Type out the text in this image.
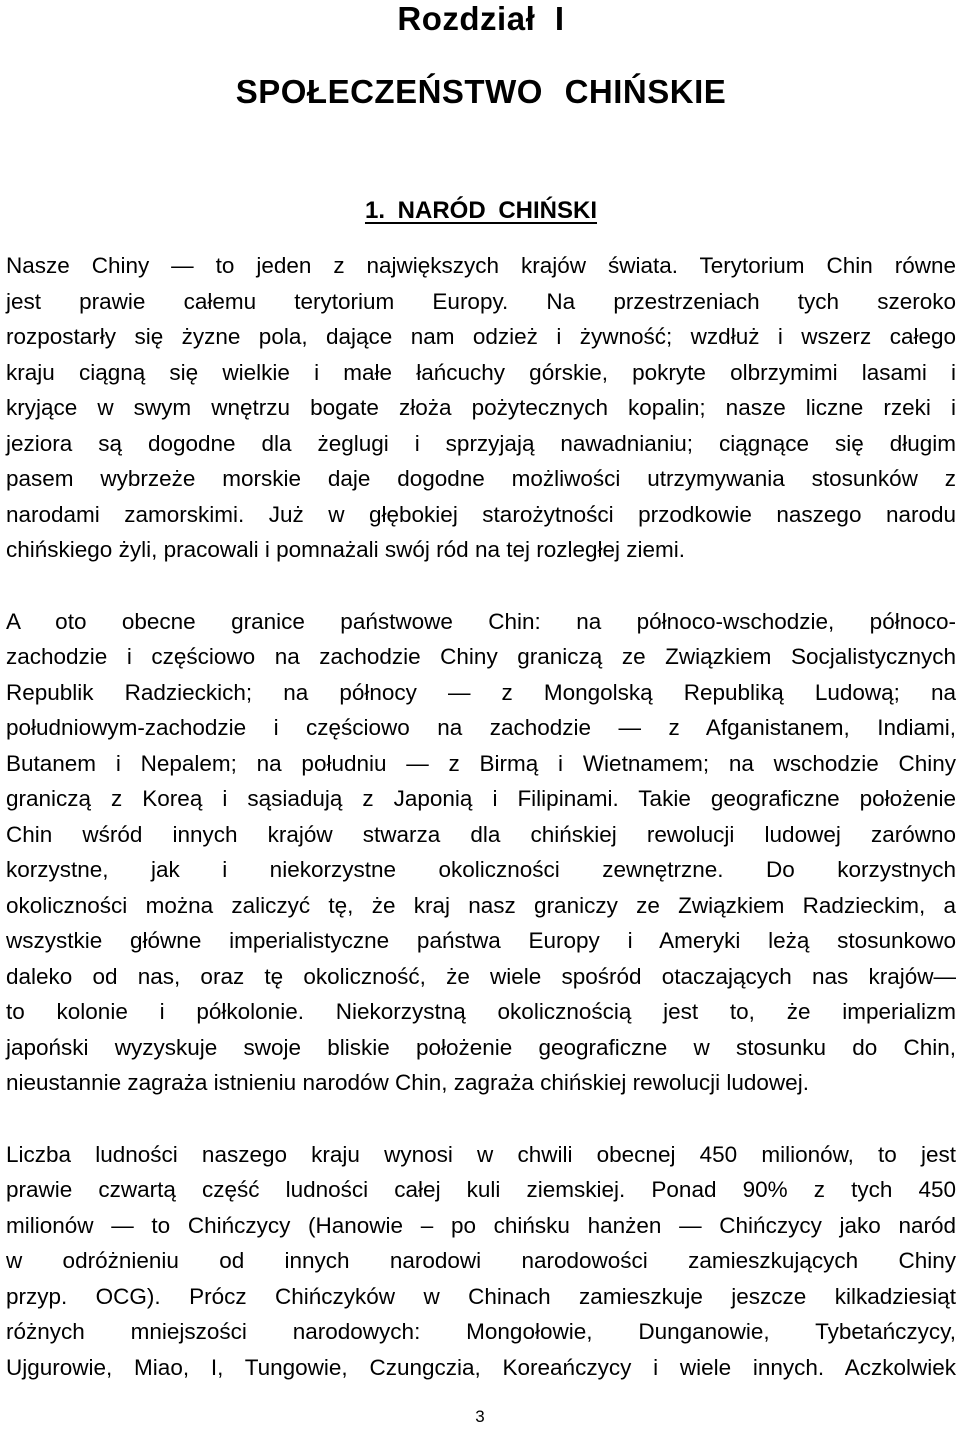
Rozdział I
SPOŁECZEŃSTWO CHIŃSKIE
1. NARÓD CHIŃSKI

Nasze Chiny — to jeden z największych krajów świata. Terytorium Chin równe
jest prawie całemu terytorium Europy. Na przestrzeniach tych szeroko
rozpostarły się żyzne pola, dające nam odzież i żywność; wzdłuż i wszerz całego
kraju ciągną się wielkie i małe łańcuchy górskie, pokryte olbrzymimi lasami i
kryjące w swym wnętrzu bogate złoża pożytecznych kopalin; nasze liczne rzeki i
jeziora są dogodne dla żeglugi i sprzyjają nawadnianiu; ciągnące się długim
pasem wybrzeże morskie daje dogodne możliwości utrzymywania stosunków z
narodami zamorskimi. Już w głębokiej starożytności przodkowie naszego narodu
chińskiego żyli, pracowali i pomnażali swój ród na tej rozległej ziemi.

A oto obecne granice państwowe Chin: na północo-wschodzie, północo-
zachodzie i częściowo na zachodzie Chiny graniczą ze Związkiem Socjalistycznych
Republik Radzieckich; na północy — z Mongolską Republiką Ludową; na
południowym-zachodzie i częściowo na zachodzie — z Afganistanem, Indiami,
Butanem i Nepalem; na południu — z Birmą i Wietnamem; na wschodzie Chiny
graniczą z Koreą i sąsiadują z Japonią i Filipinami. Takie geograficzne położenie
Chin wśród innych krajów stwarza dla chińskiej rewolucji ludowej zarówno
korzystne, jak i niekorzystne okoliczności zewnętrzne. Do korzystnych
okoliczności można zaliczyć tę, że kraj nasz graniczy ze Związkiem Radzieckim, a
wszystkie główne imperialistyczne państwa Europy i Ameryki leżą stosunkowo
daleko od nas, oraz tę okoliczność, że wiele spośród otaczających nas krajów—
to kolonie i półkolonie. Niekorzystną okolicznością jest to, że imperializm
japoński wyzyskuje swoje bliskie położenie geograficzne w stosunku do Chin,
nieustannie zagraża istnieniu narodów Chin, zagraża chińskiej rewolucji ludowej.

Liczba ludności naszego kraju wynosi w chwili obecnej 450 milionów, to jest
prawie czwartą część ludności całej kuli ziemskiej. Ponad 90% z tych 450
milionów — to Chińczycy (Hanowie – po chińsku hanżen — Chińczycy jako naród
w odróżnieniu od innych narodowi narodowości zamieszkujących Chiny
przyp. OCG). Prócz Chińczyków w Chinach zamieszkuje jeszcze kilkadziesiąt
różnych mniejszości narodowych: Mongołowie, Dunganowie, Tybetańczycy,
Ujgurowie, Miao, I, Tungowie, Czungczia, Koreańczycy i wiele innych. Aczkolwiek

3
